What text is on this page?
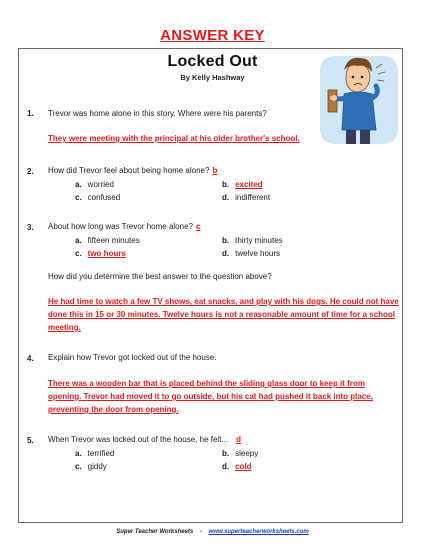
ANSWER KEY
Locked Out
By Kelly Hashway
1. Trevor was home alone in this story. Where were his parents?
They were meeting with the principal at his older brother's school.
2. How did Trevor feel about being home alone? b
a. worried	b. excited
c. confused	d. indifferent
3. About how long was Trevor home alone? c
a. fifteen minutes	b. thirty minutes
c. two hours	d. twelve hours
How did you determine the best answer to the question above?
He had time to watch a few TV shows, eat snacks, and play with his dogs. He could not have done this in 15 or 30 minutes. Twelve hours is not a reasonable amount of time for a school meeting.
4. Explain how Trevor got locked out of the house.
There was a wooden bar that is placed behind the sliding glass door to keep it from opening. Trevor had moved it to go outside, but his cat had pushed it back into place, preventing the door from opening.
5. When Trevor was locked out of the house, he felt... d
a. terrified	b. sleepy
c. giddy	d. cold
Super Teacher Worksheets - www.superteacherworksheets.com
